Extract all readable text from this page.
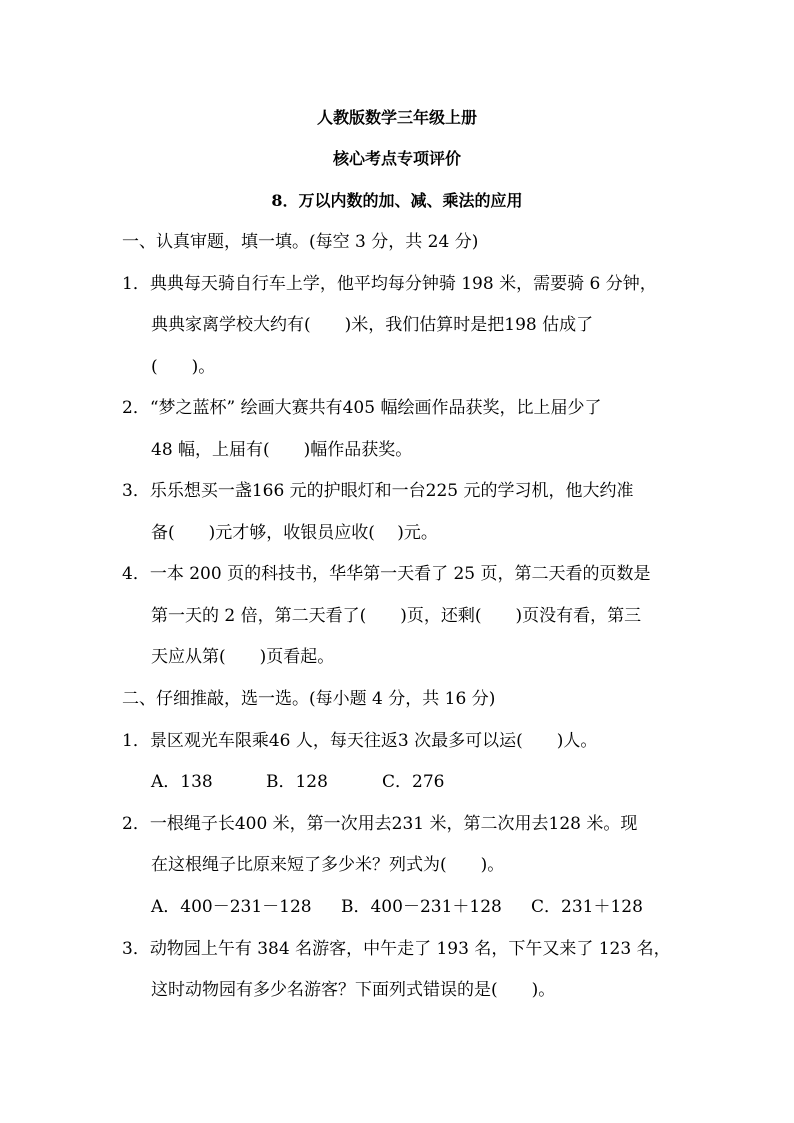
人教版数学三年级上册
核心考点专项评价
8．万以内数的加、减、乘法的应用
一、认真审题，填一填。(每空 3 分，共 24 分)
1．典典每天骑自行车上学，他平均每分钟骑 198 米，需要骑 6 分钟，
典典家离学校大约有(　　)米，我们估算时是把198 估成了
(　　)。
2．“梦之蓝杯” 绘画大赛共有405 幅绘画作品获奖，比上届少了
48 幅，上届有(　　)幅作品获奖。
3．乐乐想买一盏166 元的护眼灯和一台225 元的学习机，他大约准
备(　　)元才够，收银员应收(　 )元。
4．一本 200 页的科技书，华华第一天看了 25 页，第二天看的页数是
第一天的 2 倍，第二天看了(　　)页，还剩(　　)页没有看，第三
天应从第(　　)页看起。
二、仔细推敲，选一选。(每小题 4 分，共 16 分)
1．景区观光车限乘46 人，每天往返3 次最多可以运(　　)人。
A．138	B．128	C．276
2．一根绳子长400 米，第一次用去231 米，第二次用去128 米。现
在这根绳子比原来短了多少米？列式为(　　)。
A．400－231－128 B．400－231＋128 C．231＋128
3．动物园上午有 384 名游客，中午走了 193 名，下午又来了 123 名，
这时动物园有多少名游客？下面列式错误的是(　　)。
